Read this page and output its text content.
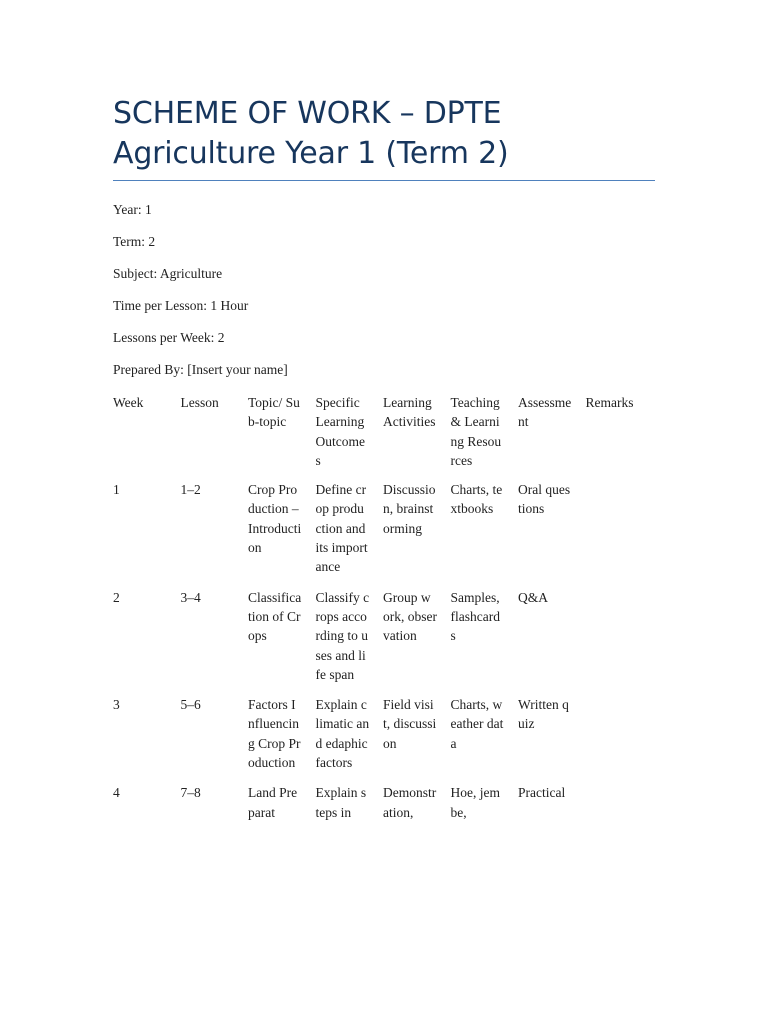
SCHEME OF WORK – DPTE Agriculture Year 1 (Term 2)
Year: 1
Term: 2
Subject: Agriculture
Time per Lesson: 1 Hour
Lessons per Week: 2
Prepared By: [Insert your name]
Week	Lesson	Topic/ Sub-topic	Specific Learning Outcomes	Learning Activities	Teaching & Learning Resources	Assessment	Remarks

1	1–2	Crop Production – Introduction	Define crop production and its importance	Discussion, brainstorming	Charts, textbooks	Oral questions	

2	3–4	Classification of Crops	Classify crops according to uses and life span	Group work, observation	Samples, flashcards	Q&A	

3	5–6	Factors Influencing Crop Production	Explain climatic and edaphic factors	Field visit, discussion	Charts, weather data	Written quiz	

4	7–8	Land Preparat	Explain steps in	Demonstration,	Hoe, jembe,	Practical	
